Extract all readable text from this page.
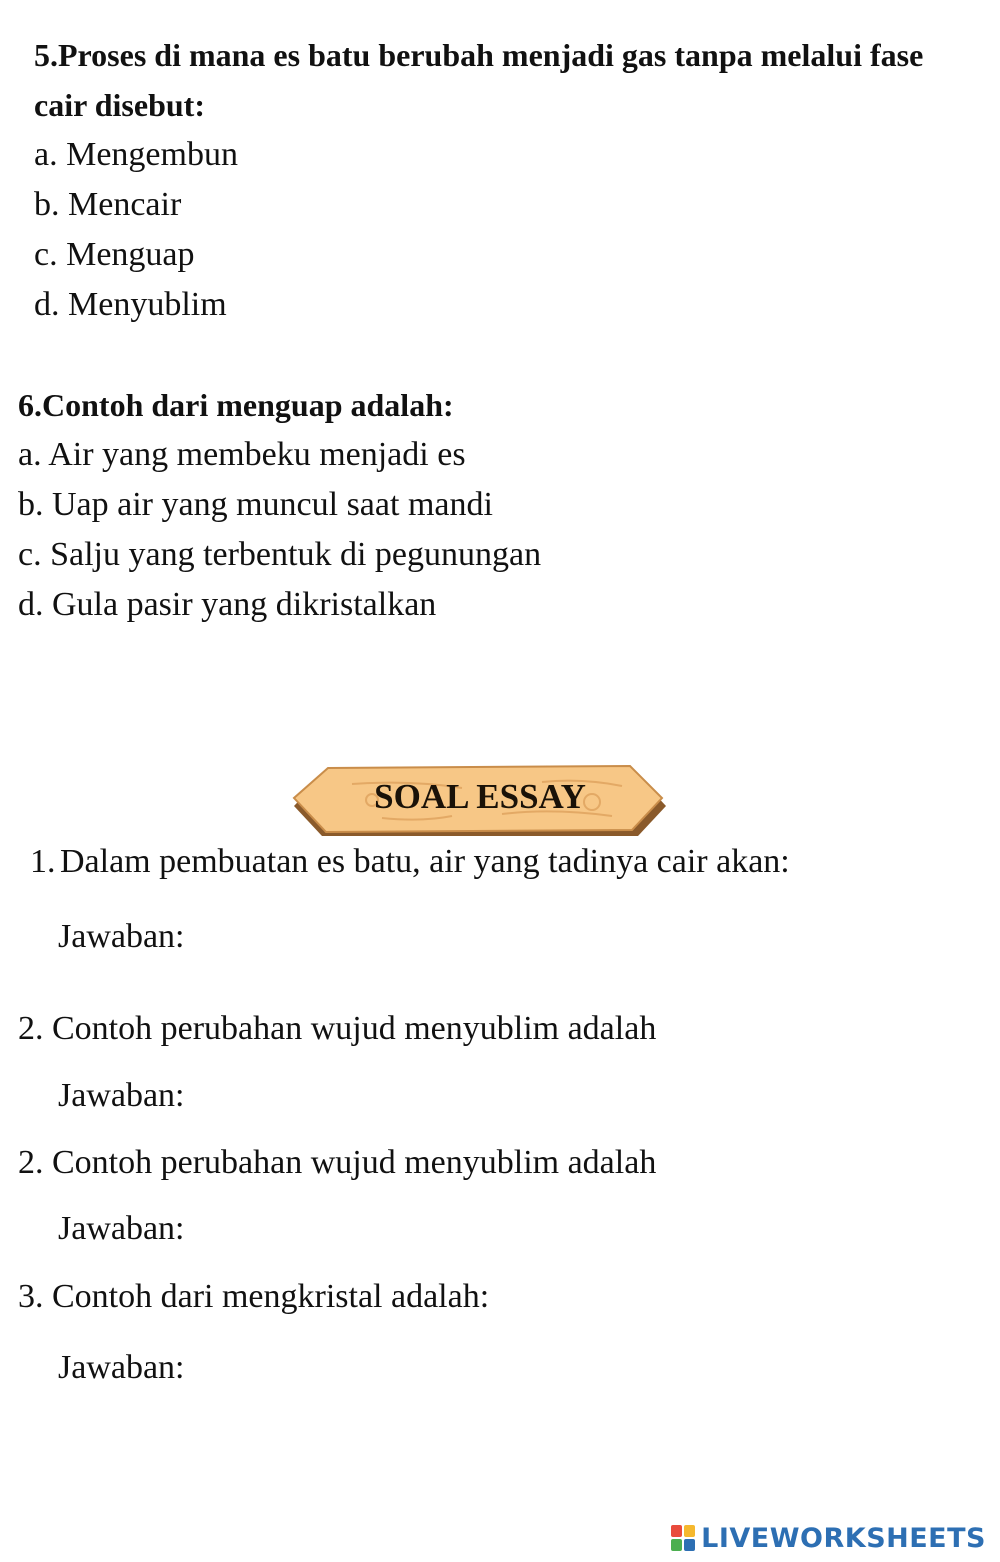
5.Proses di mana es batu berubah menjadi gas tanpa melalui fase cair disebut:
a. Mengembun
b. Mencair
c. Menguap
d. Menyublim
6.Contoh dari menguap adalah:
a. Air yang membeku menjadi es
b. Uap air yang muncul saat mandi
c. Salju yang terbentuk di pegunungan
d. Gula pasir yang dikristalkan
SOAL ESSAY
1. Dalam pembuatan es batu, air yang tadinya cair akan:
Jawaban:
2. Contoh perubahan wujud menyublim adalah
Jawaban:
2. Contoh perubahan wujud menyublim adalah
Jawaban:
3. Contoh dari mengkristal adalah:
Jawaban:
LIVEWORKSHEETS
